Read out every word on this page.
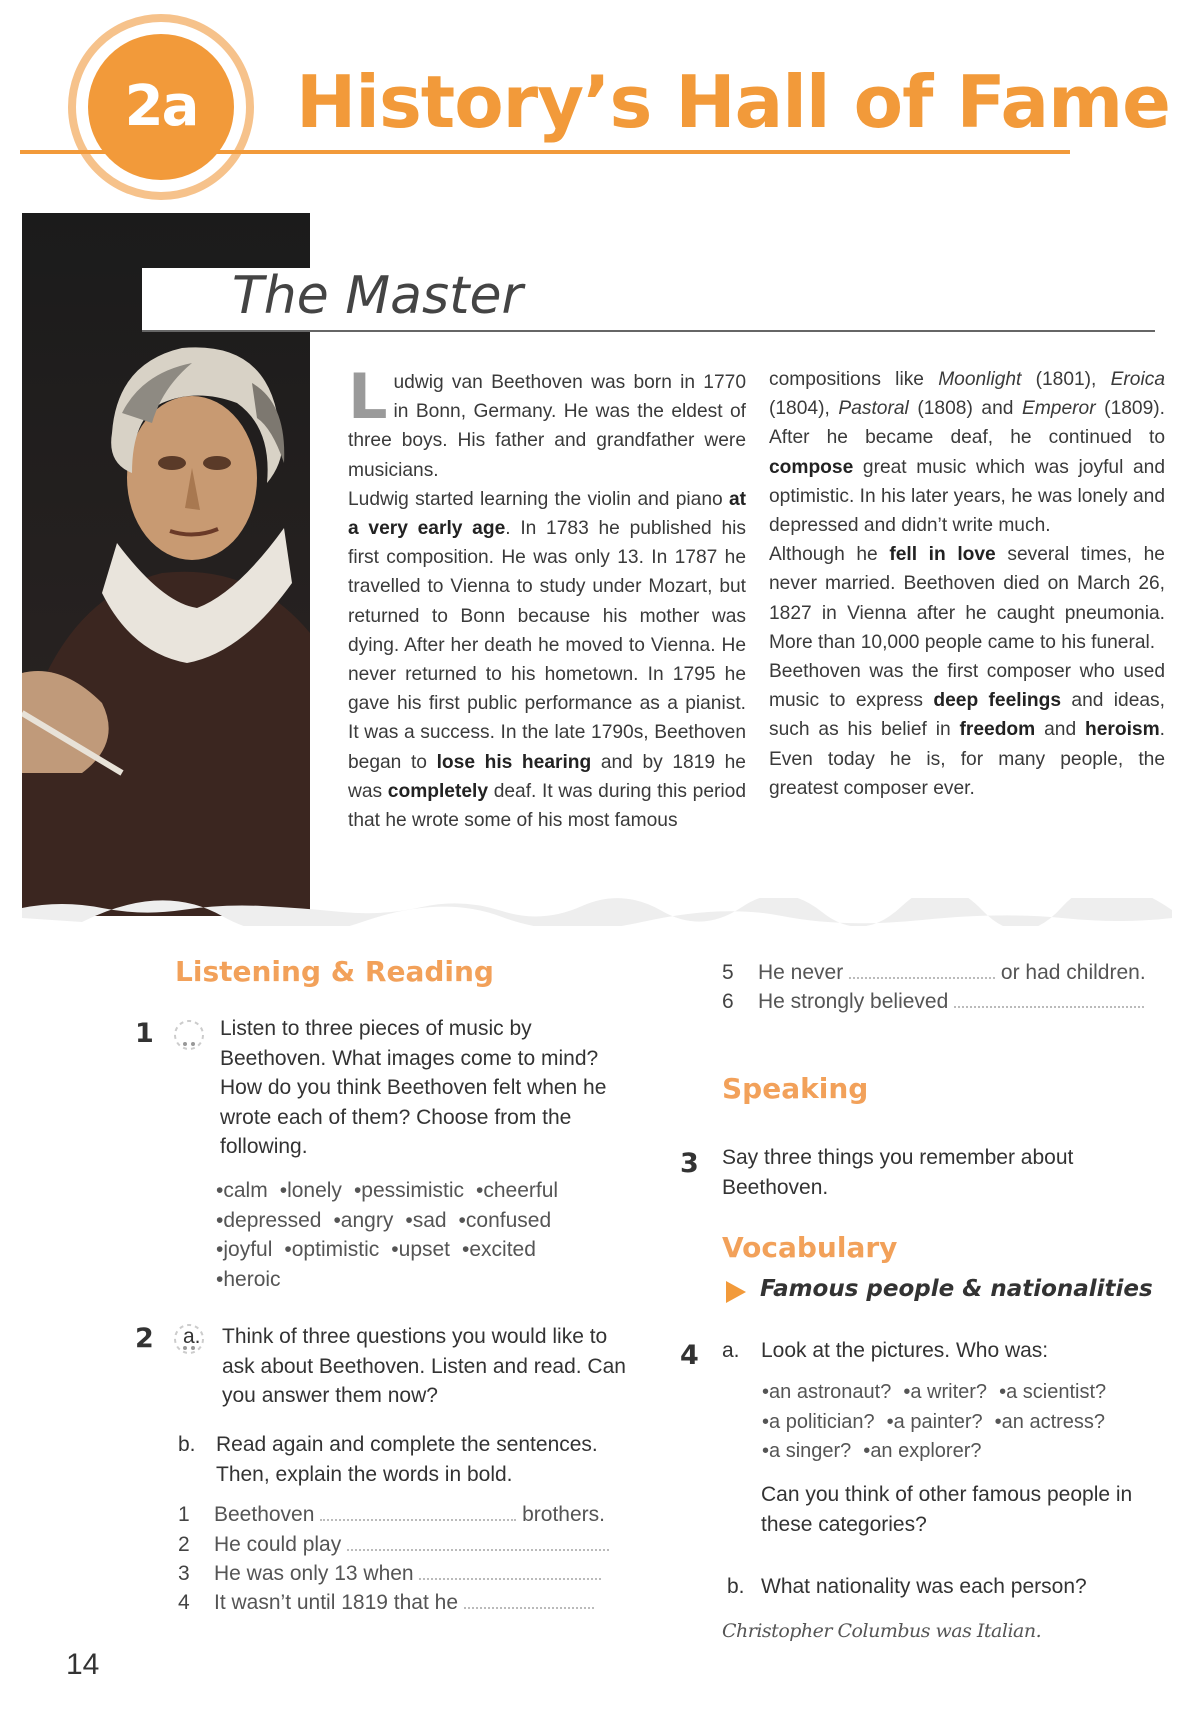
2a	History’s Hall of Fame
The Master
L udwig van Beethoven was born in 1770 in Bonn, Germany. He was the eldest of three boys. His father and grandfather were musicians.

Ludwig started learning the violin and piano at a very early age. In 1783 he published his first composition. He was only 13. In 1787 he travelled to Vienna to study under Mozart, but returned to Bonn because his mother was dying. After her death he moved to Vienna. He never returned to his hometown. In 1795 he gave his first public performance as a pianist. It was a success. In the late 1790s, Beethoven began to lose his hearing and by 1819 he was completely deaf. It was during this period that he wrote some of his most famous

compositions like Moonlight (1801), Eroica (1804), Pastoral (1808) and Emperor (1809). After he became deaf, he continued to compose great music which was joyful and optimistic. In his later years, he was lonely and depressed and didn’t write much.

Although he fell in love several times, he never married. Beethoven died on March 26, 1827 in Vienna after he caught pneumonia. More than 10,000 people came to his funeral.

Beethoven was the first composer who used music to express deep feelings and ideas, such as his belief in freedom and heroism. Even today he is, for many people, the greatest composer ever.

Listening & Reading
1	Listen to three pieces of music by Beethoven. What images come to mind? How do you think Beethoven felt when he wrote each of them? Choose from the following.
• calm • lonely • pessimistic • cheerful
• depressed • angry • sad • confused
• joyful • optimistic • upset • excited
• heroic
2 a. Think of three questions you would like to ask about Beethoven. Listen and read. Can you answer them now?
b. Read again and complete the sentences. Then, explain the words in bold.
1 Beethoven	brothers.
2 He could play
3 He was only 13 when
4 It wasn’t until 1819 that he
5 He never	or had children.
6 He strongly believed
Speaking
3 Say three things you remember about Beethoven.
Vocabulary
Famous people & nationalities
4 a. Look at the pictures. Who was:
• an astronaut? • a writer? • a scientist?
• a politician? • a painter? • an actress?
• a singer? • an explorer?
Can you think of other famous people in these categories?
b. What nationality was each person?
Christopher Columbus was Italian.
14
